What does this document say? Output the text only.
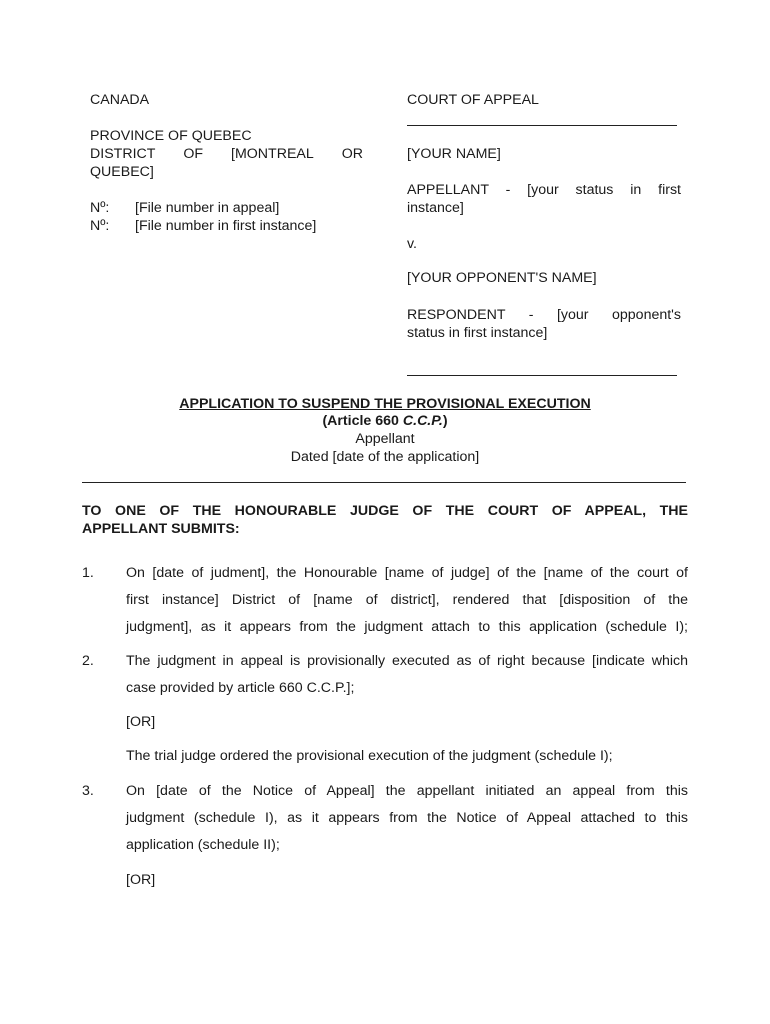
CANADA
PROVINCE OF QUEBEC
DISTRICT OF [MONTREAL OR
QUEBEC]
Nº: [File number in appeal]
Nº: [File number in first instance]
COURT OF APPEAL
[YOUR NAME]
APPELLANT - [your status in first
instance]
v.
[YOUR OPPONENT'S NAME]
RESPONDENT - [your opponent's
status in first instance]
APPLICATION TO SUSPEND THE PROVISIONAL EXECUTION
(Article 660 C.C.P.)
Appellant
Dated [date of the application]
TO ONE OF THE HONOURABLE JUDGE OF THE COURT OF APPEAL, THE
APPELLANT SUBMITS:
1. On [date of judment], the Honourable [name of judge] of the [name of the court of
first instance] District of [name of district], rendered that [disposition of the
judgment], as it appears from the judgment attach to this application (schedule I);
2. The judgment in appeal is provisionally executed as of right because [indicate which
case provided by article 660 C.C.P.];
[OR]
The trial judge ordered the provisional execution of the judgment (schedule I);
3. On [date of the Notice of Appeal] the appellant initiated an appeal from this
judgment (schedule I), as it appears from the Notice of Appeal attached to this
application (schedule II);
[OR]
